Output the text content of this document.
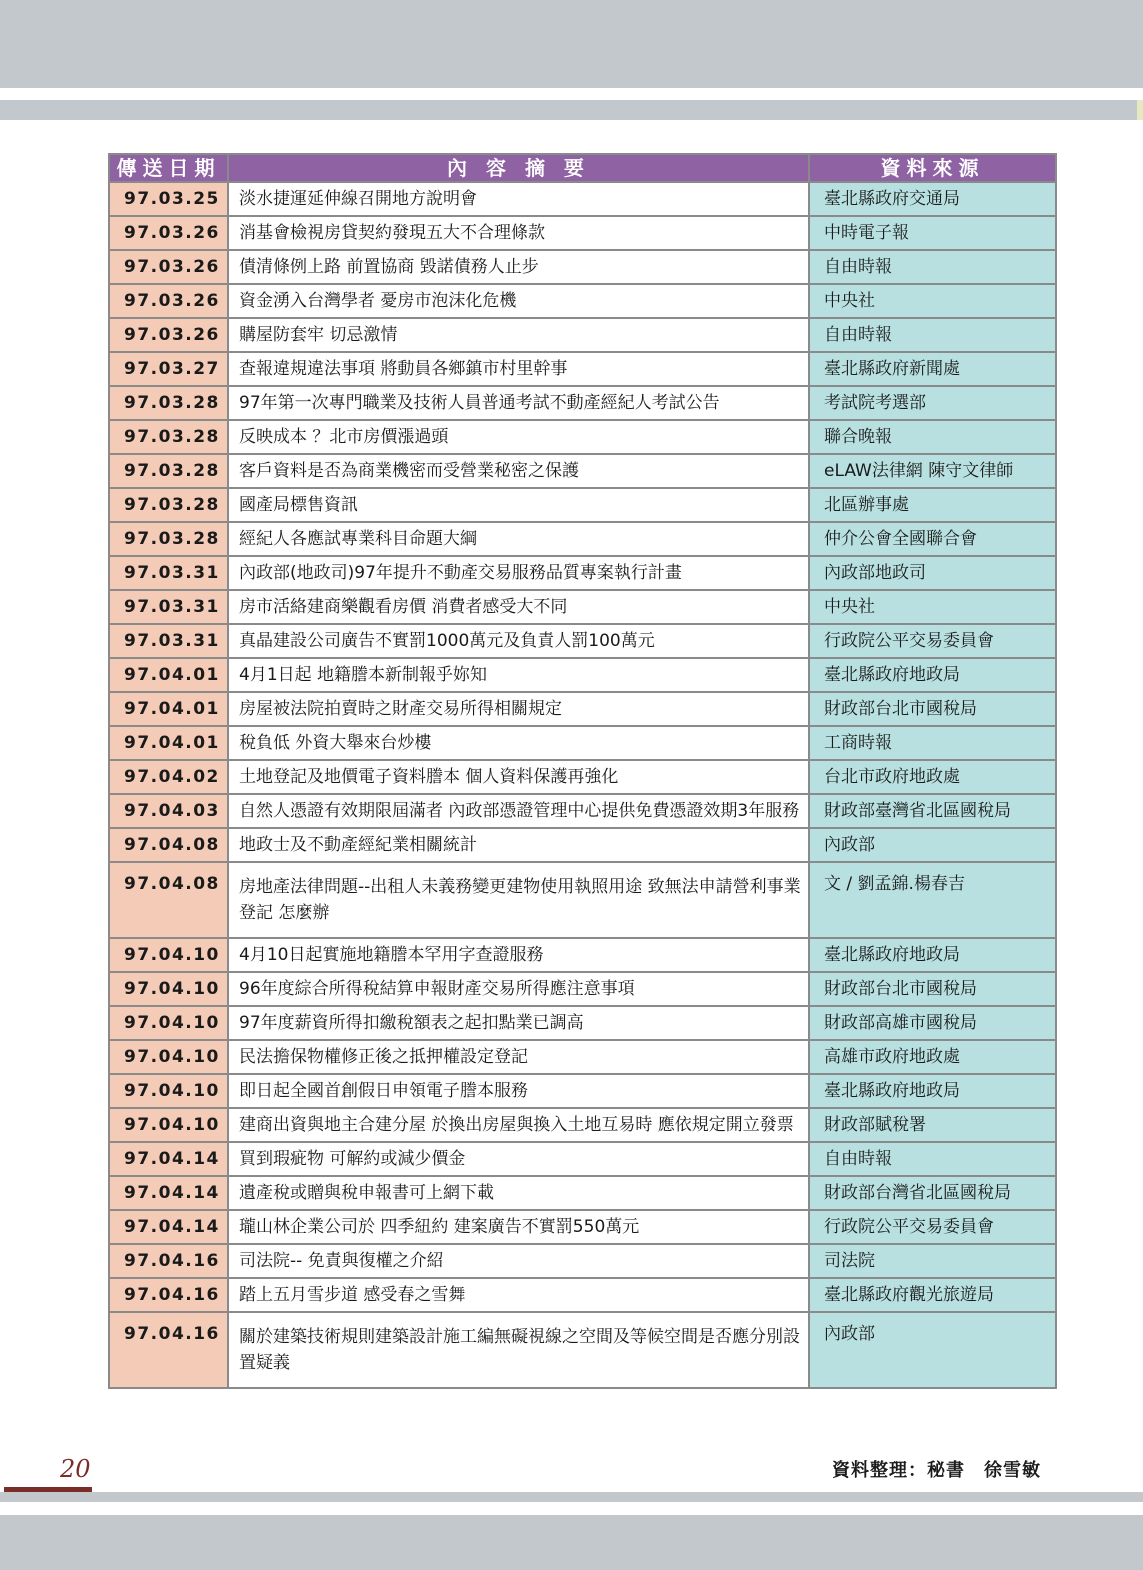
傳送日期	內 容 摘 要	資料來源
97.03.25	淡水捷運延伸線召開地方說明會	臺北縣政府交通局
97.03.26	消基會檢視房貸契約發現五大不合理條款	中時電子報
97.03.26	債清條例上路 前置協商 毀諾債務人止步	自由時報
97.03.26	資金湧入台灣學者 憂房市泡沫化危機	中央社
97.03.26	購屋防套牢 切忌激情	自由時報
97.03.27	查報違規違法事項 將動員各鄉鎮市村里幹事	臺北縣政府新聞處
97.03.28	97年第一次專門職業及技術人員普通考試不動產經紀人考試公告	考試院考選部
97.03.28	反映成本 ？北市房價漲過頭	聯合晚報
97.03.28	客戶資料是否為商業機密而受營業秘密之保護	eLAW法律網 陳守文律師
97.03.28	國產局標售資訊	北區辦事處
97.03.28	經紀人各應試專業科目命題大綱	仲介公會全國聯合會
97.03.31	內政部(地政司)97年提升不動產交易服務品質專案執行計畫	內政部地政司
97.03.31	房市活絡建商樂觀看房價 消費者感受大不同	中央社
97.03.31	真晶建設公司廣告不實罰1000萬元及負責人罰100萬元	行政院公平交易委員會
97.04.01	4月1日起 地籍謄本新制報乎妳知	臺北縣政府地政局
97.04.01	房屋被法院拍賣時之財產交易所得相關規定	財政部台北市國稅局
97.04.01	稅負低 外資大舉來台炒樓	工商時報
97.04.02	土地登記及地價電子資料謄本 個人資料保護再強化	台北市政府地政處
97.04.03	自然人憑證有效期限屆滿者 內政部憑證管理中心提供免費憑證效期3年服務	財政部臺灣省北區國稅局
97.04.08	地政士及不動產經紀業相關統計	內政部
97.04.08	房地產法律問題--出租人未義務變更建物使用執照用途 致無法申請營利事業登記 怎麼辦	文 / 劉孟錦.楊春吉
97.04.10	4月10日起實施地籍謄本罕用字查證服務	臺北縣政府地政局
97.04.10	96年度綜合所得稅結算申報財產交易所得應注意事項	財政部台北市國稅局
97.04.10	97年度薪資所得扣繳稅額表之起扣點業已調高	財政部高雄市國稅局
97.04.10	民法擔保物權修正後之抵押權設定登記	高雄市政府地政處
97.04.10	即日起全國首創假日申領電子謄本服務	臺北縣政府地政局
97.04.10	建商出資與地主合建分屋 於換出房屋與換入土地互易時 應依規定開立發票	財政部賦稅署
97.04.14	買到瑕疵物 可解約或減少價金	自由時報
97.04.14	遺產稅或贈與稅申報書可上網下載	財政部台灣省北區國稅局
97.04.14	瓏山林企業公司於 四季紐約 建案廣告不實罰550萬元	行政院公平交易委員會
97.04.16	司法院-- 免責與復權之介紹	司法院
97.04.16	踏上五月雪步道 感受春之雪舞	臺北縣政府觀光旅遊局
97.04.16	關於建築技術規則建築設計施工編無礙視線之空間及等候空間是否應分別設置疑義	內政部
20	資料整理：秘書　徐雪敏
